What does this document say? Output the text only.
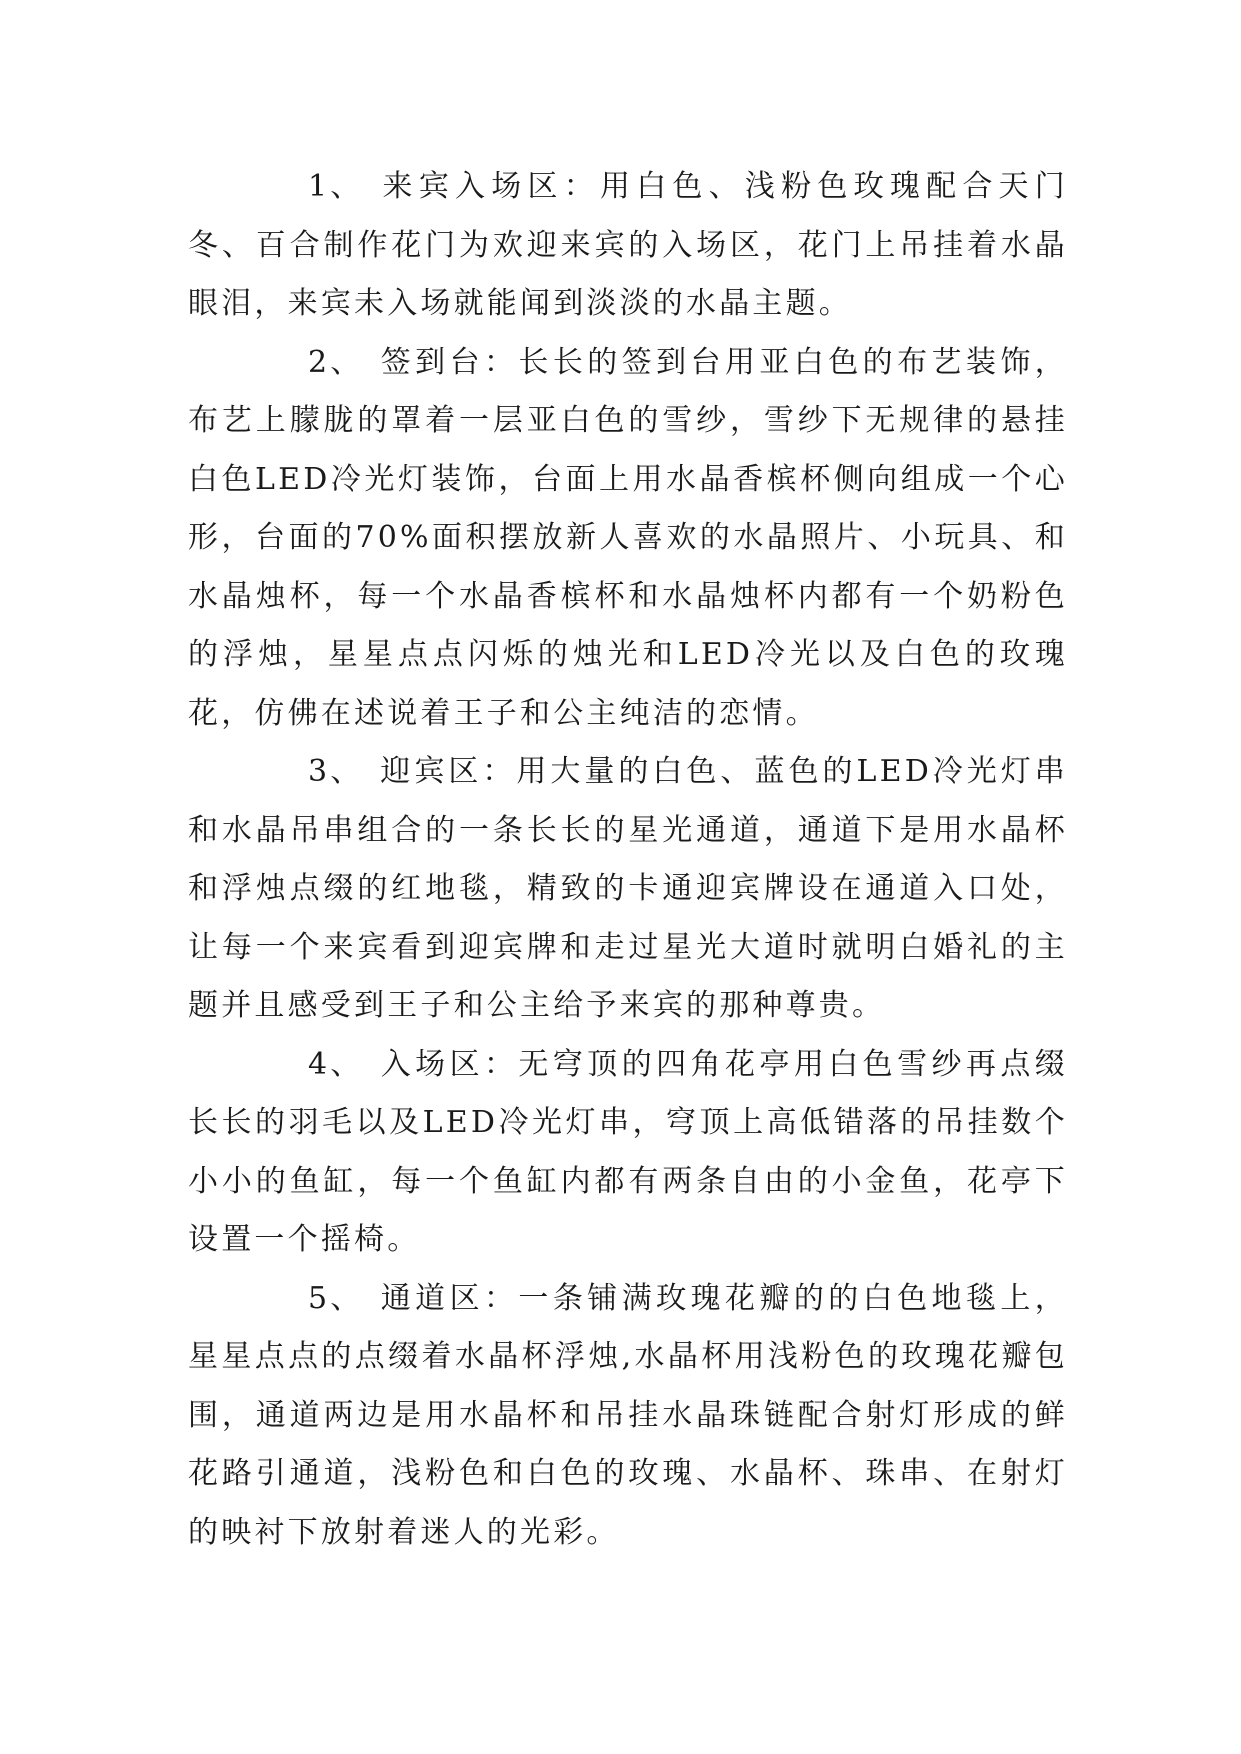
1、 来宾入场区：用白色、浅粉色玫瑰配合天门冬、百合制作花门为欢迎来宾的入场区，花门上吊挂着水晶眼泪，来宾未入场就能闻到淡淡的水晶主题。

2、 签到台：长长的签到台用亚白色的布艺装饰，布艺上朦胧的罩着一层亚白色的雪纱，雪纱下无规律的悬挂白色LED冷光灯装饰，台面上用水晶香槟杯侧向组成一个心形，台面的70%面积摆放新人喜欢的水晶照片、小玩具、和水晶烛杯，每一个水晶香槟杯和水晶烛杯内都有一个奶粉色的浮烛，星星点点闪烁的烛光和LED冷光以及白色的玫瑰花，仿佛在述说着王子和公主纯洁的恋情。

3、 迎宾区：用大量的白色、蓝色的LED冷光灯串和水晶吊串组合的一条长长的星光通道，通道下是用水晶杯和浮烛点缀的红地毯，精致的卡通迎宾牌设在通道入口处，让每一个来宾看到迎宾牌和走过星光大道时就明白婚礼的主题并且感受到王子和公主给予来宾的那种尊贵。

4、 入场区：无穹顶的四角花亭用白色雪纱再点缀长长的羽毛以及LED冷光灯串，穹顶上高低错落的吊挂数个小小的鱼缸，每一个鱼缸内都有两条自由的小金鱼，花亭下设置一个摇椅。

5、 通道区：一条铺满玫瑰花瓣的的白色地毯上，星星点点的点缀着水晶杯浮烛,水晶杯用浅粉色的玫瑰花瓣包围，通道两边是用水晶杯和吊挂水晶珠链配合射灯形成的鲜花路引通道，浅粉色和白色的玫瑰、水晶杯、珠串、在射灯的映衬下放射着迷人的光彩。
